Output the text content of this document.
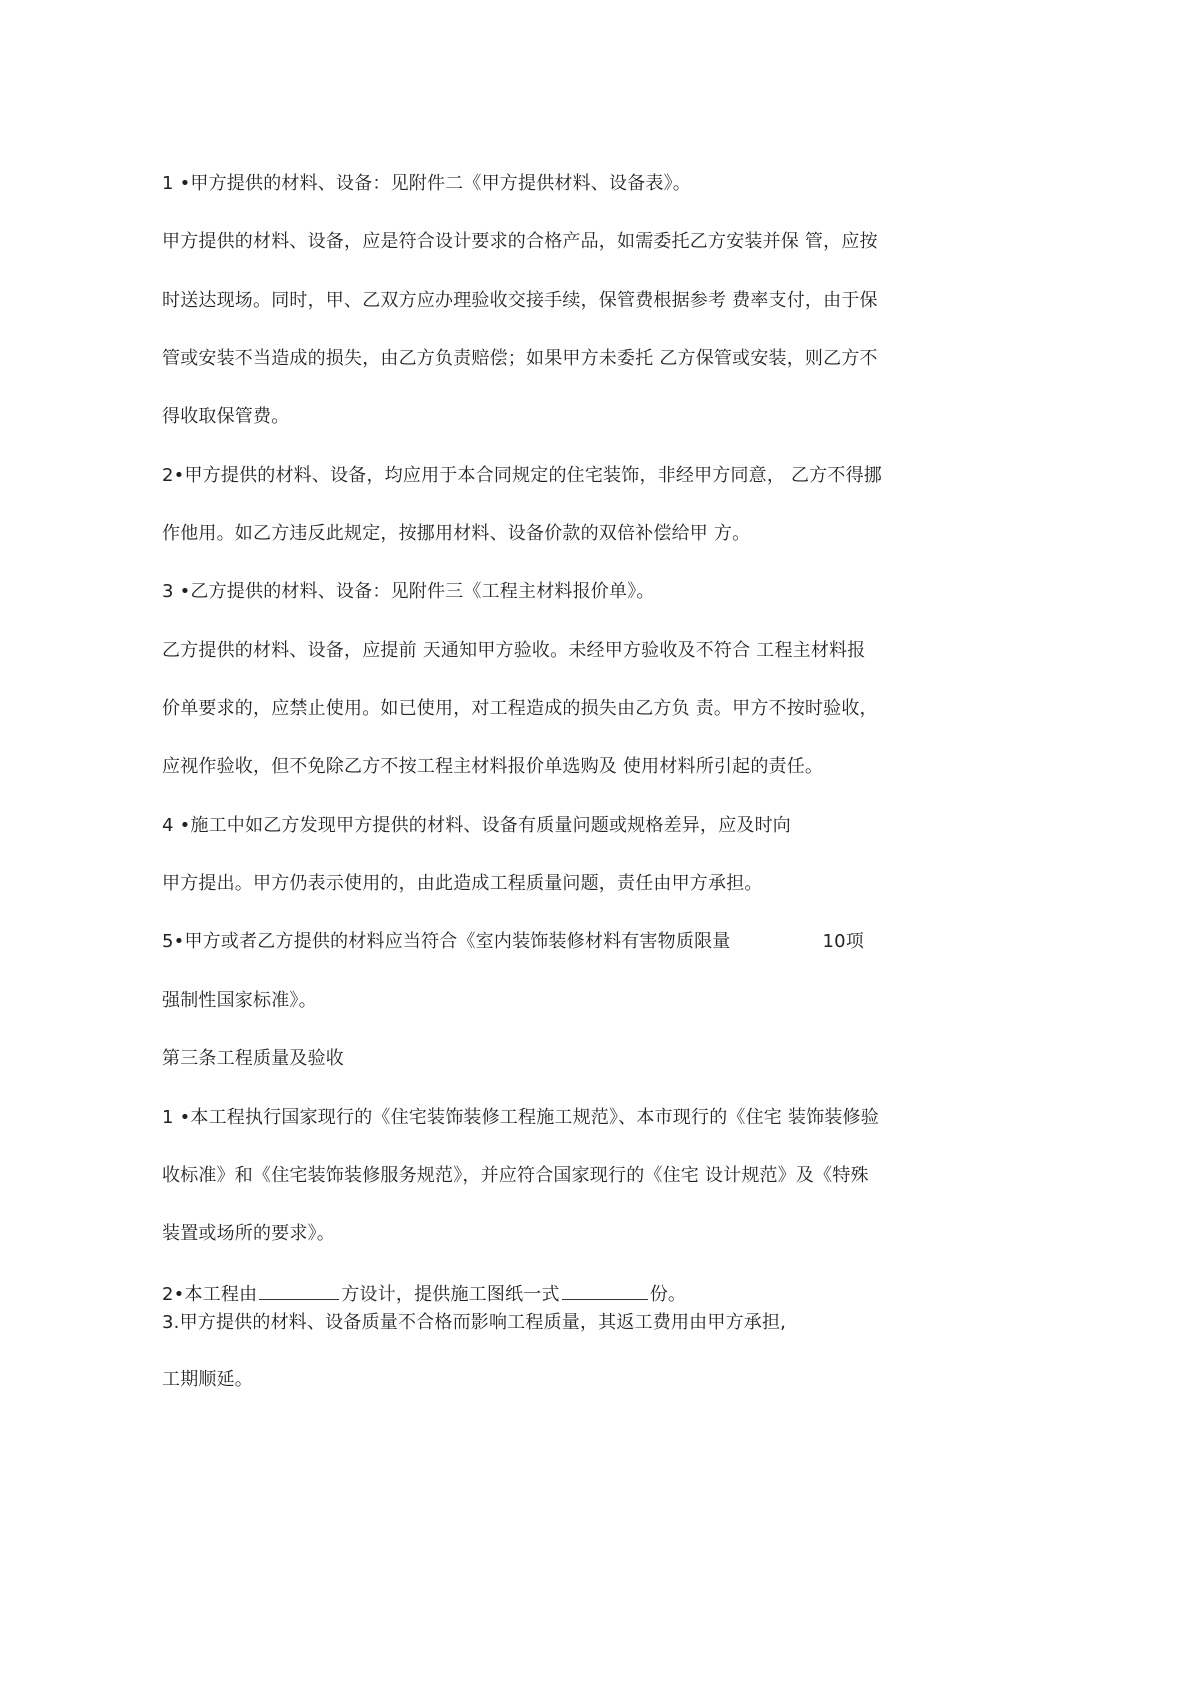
1 •甲方提供的材料、设备：见附件二《甲方提供材料、设备表》。

甲方提供的材料、设备，应是符合设计要求的合格产品，如需委托乙方安装并保 管，应按

时送达现场。同时，甲、乙双方应办理验收交接手续，保管费根据参考 费率支付，由于保

管或安装不当造成的损失，由乙方负责赔偿；如果甲方未委托 乙方保管或安装，则乙方不

得收取保管费。

2•甲方提供的材料、设备，均应用于本合同规定的住宅装饰，非经甲方同意， 乙方不得挪

作他用。如乙方违反此规定，按挪用材料、设备价款的双倍补偿给甲 方。

3 •乙方提供的材料、设备：见附件三《工程主材料报价单》。

乙方提供的材料、设备，应提前 天通知甲方验收。未经甲方验收及不符合 工程主材料报

价单要求的，应禁止使用。如已使用，对工程造成的损失由乙方负 责。甲方不按时验收，

应视作验收，但不免除乙方不按工程主材料报价单选购及 使用材料所引起的责任。

4 •施工中如乙方发现甲方提供的材料、设备有质量问题或规格差异，应及时向

甲方提出。甲方仍表示使用的，由此造成工程质量问题，责任由甲方承担。

5•甲方或者乙方提供的材料应当符合《室内装饰装修材料有害物质限量	10项

强制性国家标准》。

第三条工程质量及验收

1 •本工程执行国家现行的《住宅装饰装修工程施工规范》、本市现行的《住宅 装饰装修验

收标准》和《住宅装饰装修服务规范》，并应符合国家现行的《住宅 设计规范》及《特殊

装置或场所的要求》。

2•本工程由	方设计，提供施工图纸一式	份。

3.甲方提供的材料、设备质量不合格而影响工程质量，其返工费用由甲方承担,

工期顺延。
